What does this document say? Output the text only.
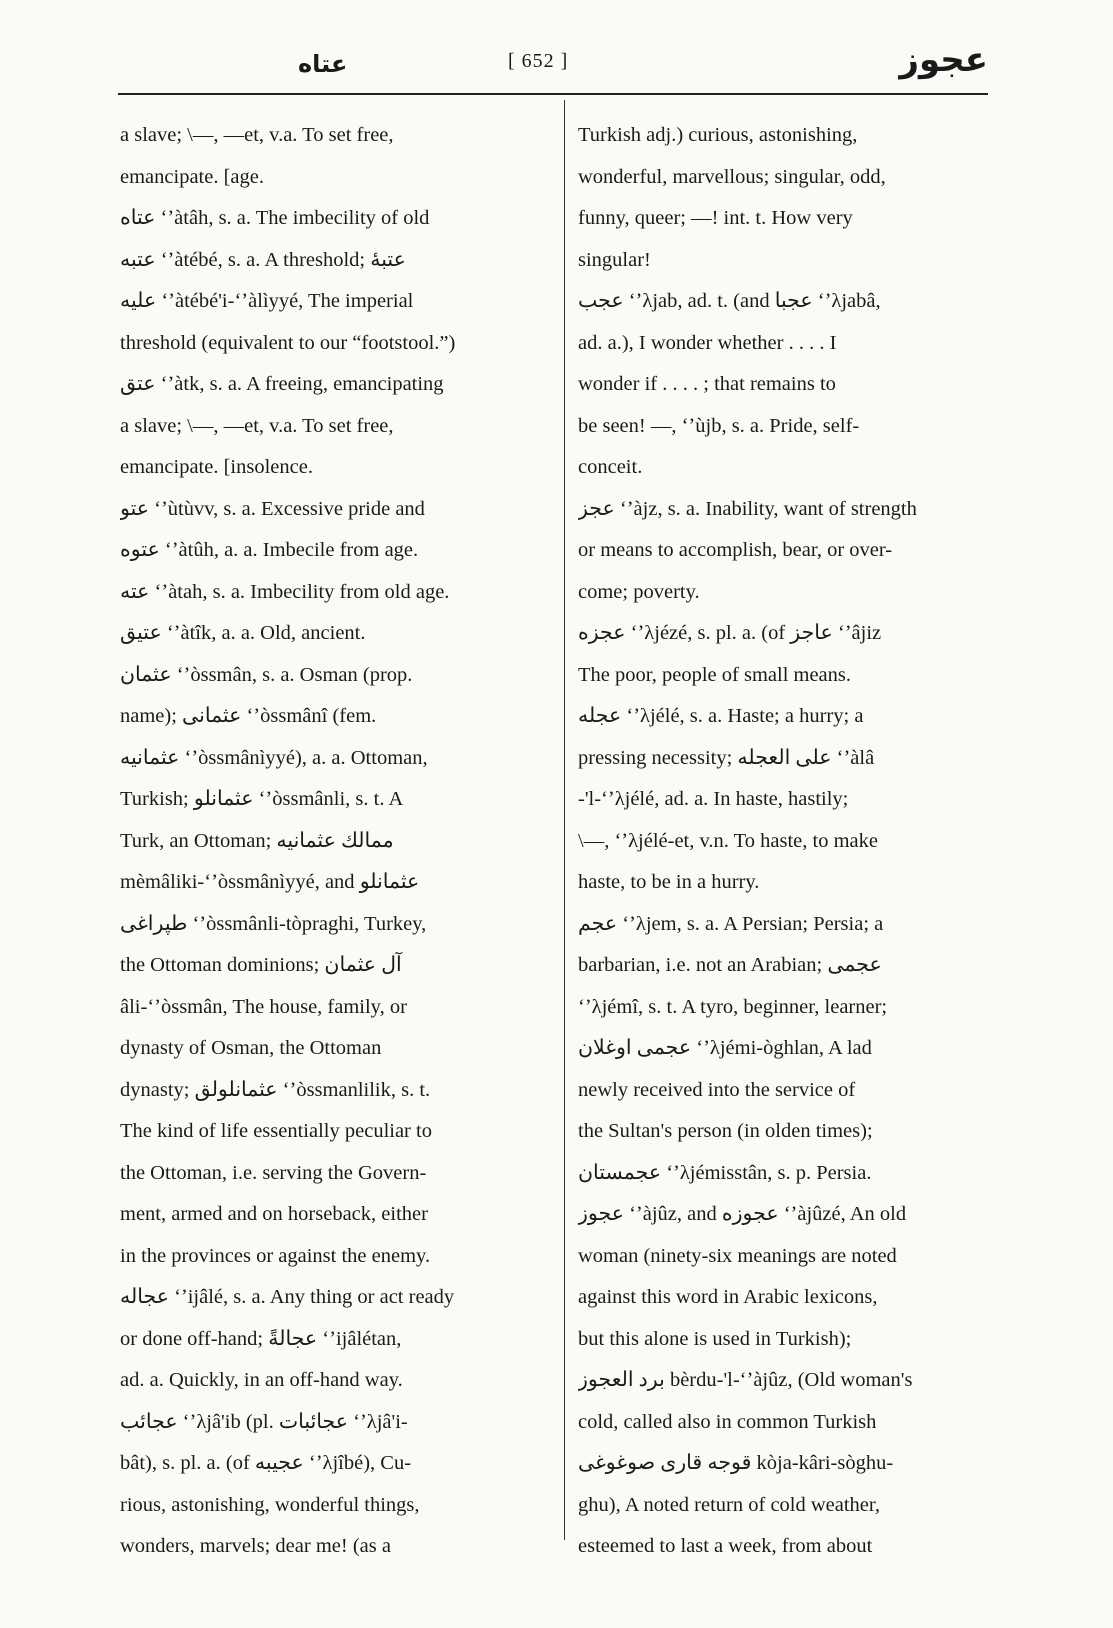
عتاه	[ 652 ]	عجوز
a slave; \—, —et, v.a. To set free,
emancipate. [age.
عتاه ʻʼàtâh, s. a. The imbecility of old
عتبه ʻʼàtébé, s. a. A threshold; عتبهٔ
عليه ʻʼàtébé'i-ʻʼàlìyyé, The imperial
threshold (equivalent to our “footstool.”)
عتق ʻʼàtk, s. a. A freeing, emancipating
a slave; \—, —et, v.a. To set free,
emancipate. [insolence.
عتو ʻʼùtùvv, s. a. Excessive pride and
عتوه ʻʼàtûh, a. a. Imbecile from age.
عته ʻʼàtah, s. a. Imbecility from old age.
عتيق ʻʼàtîk, a. a. Old, ancient.
عثمان ʻʼòssmân, s. a. Osman (prop.
name); عثمانى ʻʼòssmânî (fem.
عثمانيه ʻʼòssmânìyyé), a. a. Ottoman,
Turkish; عثمانلو ʻʼòssmânli, s. t. A
Turk, an Ottoman; ممالك عثمانيه
mèmâliki-ʻʼòssmânìyyé, and عثمانلو
طپراغى ʻʼòssmânli-tòpraghi, Turkey,
the Ottoman dominions; آل عثمان
âli-ʻʼòssmân, The house, family, or
dynasty of Osman, the Ottoman
dynasty; عثمانلولق ʻʼòssmanlilik, s. t.
The kind of life essentially peculiar to
the Ottoman, i.e. serving the Govern-
ment, armed and on horseback, either
in the provinces or against the enemy.
عجاله ʻʼijâlé, s. a. Any thing or act ready
or done off-hand; عجالةً ʻʼijâlétan,
ad. a. Quickly, in an off-hand way.
عجائب ʻʼλjâ'ib (pl. عجائبات ʻʼλjâ'i-
bât), s. pl. a. (of عجيبه ʻʼλjîbé), Cu-
rious, astonishing, wonderful things,
wonders, marvels; dear me! (as a
Turkish adj.) curious, astonishing,
wonderful, marvellous; singular, odd,
funny, queer; —! int. t. How very
singular!
عجب ʻʼλjab, ad. t. (and عجبا ʻʼλjabâ,
ad. a.), I wonder whether . . . . I
wonder if . . . . ; that remains to
be seen! —, ʻʼùjb, s. a. Pride, self-
conceit.
عجز ʻʼàjz, s. a. Inability, want of strength
or means to accomplish, bear, or over-
come; poverty.
عجزه ʻʼλjézé, s. pl. a. (of عاجز ʻʼâjiz
The poor, people of small means.
عجله ʻʼλjélé, s. a. Haste; a hurry; a
pressing necessity; على العجله ʻʼàlâ
-'l-ʻʼλjélé, ad. a. In haste, hastily;
\—, ʻʼλjélé-et, v.n. To haste, to make
haste, to be in a hurry.
عجم ʻʼλjem, s. a. A Persian; Persia; a
barbarian, i.e. not an Arabian; عجمى
ʻʼλjémî, s. t. A tyro, beginner, learner;
عجمى اوغلان ʻʼλjémi-òghlan, A lad
newly received into the service of
the Sultan's person (in olden times);
عجمستان ʻʼλjémisstân, s. p. Persia.
عجوز ʻʼàjûz, and عجوزه ʻʼàjûzé, An old
woman (ninety-six meanings are noted
against this word in Arabic lexicons,
but this alone is used in Turkish);
برد العجوز bèrdu-'l-ʻʼàjûz, (Old woman's
cold, called also in common Turkish
قوجه قارى صوغوغى kòja-kâri-sòghu-
ghu), A noted return of cold weather,
esteemed to last a week, from about
